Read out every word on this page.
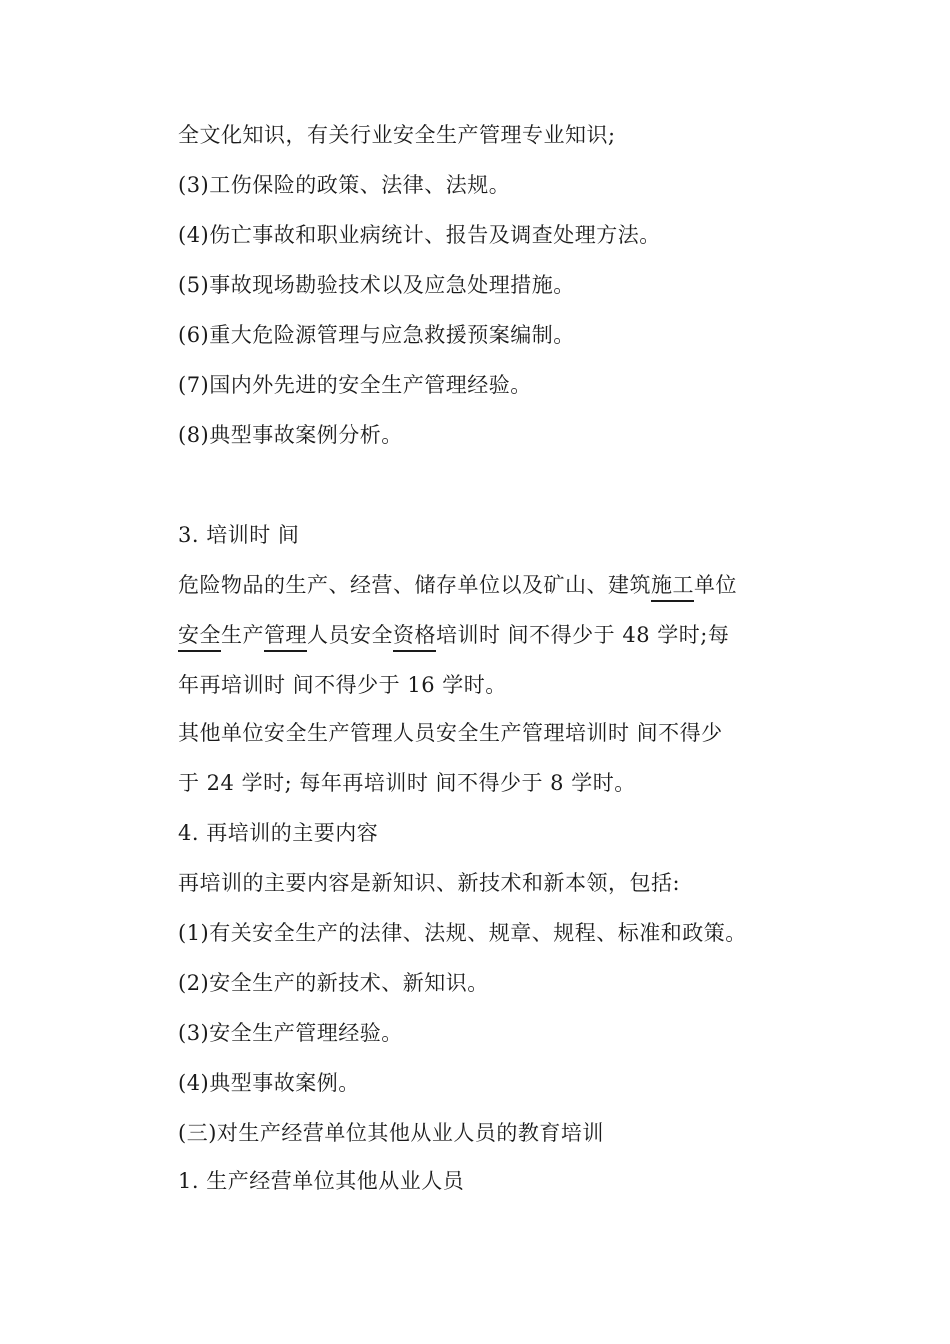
全文化知识，有关行业安全生产管理专业知识;
(3)工伤保险的政策、法律、法规。
(4)伤亡事故和职业病统计、报告及调查处理方法。
(5)事故现场勘验技术以及应急处理措施。
(6)重大危险源管理与应急救援预案编制。
(7)国内外先进的安全生产管理经验。
(8)典型事故案例分析。
3. 培训时 间
危险物品的生产、经营、储存单位以及矿山、建筑施工单位
安全生产管理人员安全资格培训时 间不得少于 48 学时;每
年再培训时 间不得少于 16 学时。
其他单位安全生产管理人员安全生产管理培训时 间不得少
于 24 学时; 每年再培训时 间不得少于 8 学时。
4. 再培训的主要内容
再培训的主要内容是新知识、新技术和新本领，包括:
(1)有关安全生产的法律、法规、规章、规程、标准和政策。
(2)安全生产的新技术、新知识。
(3)安全生产管理经验。
(4)典型事故案例。
(三)对生产经营单位其他从业人员的教育培训
1. 生产经营单位其他从业人员
